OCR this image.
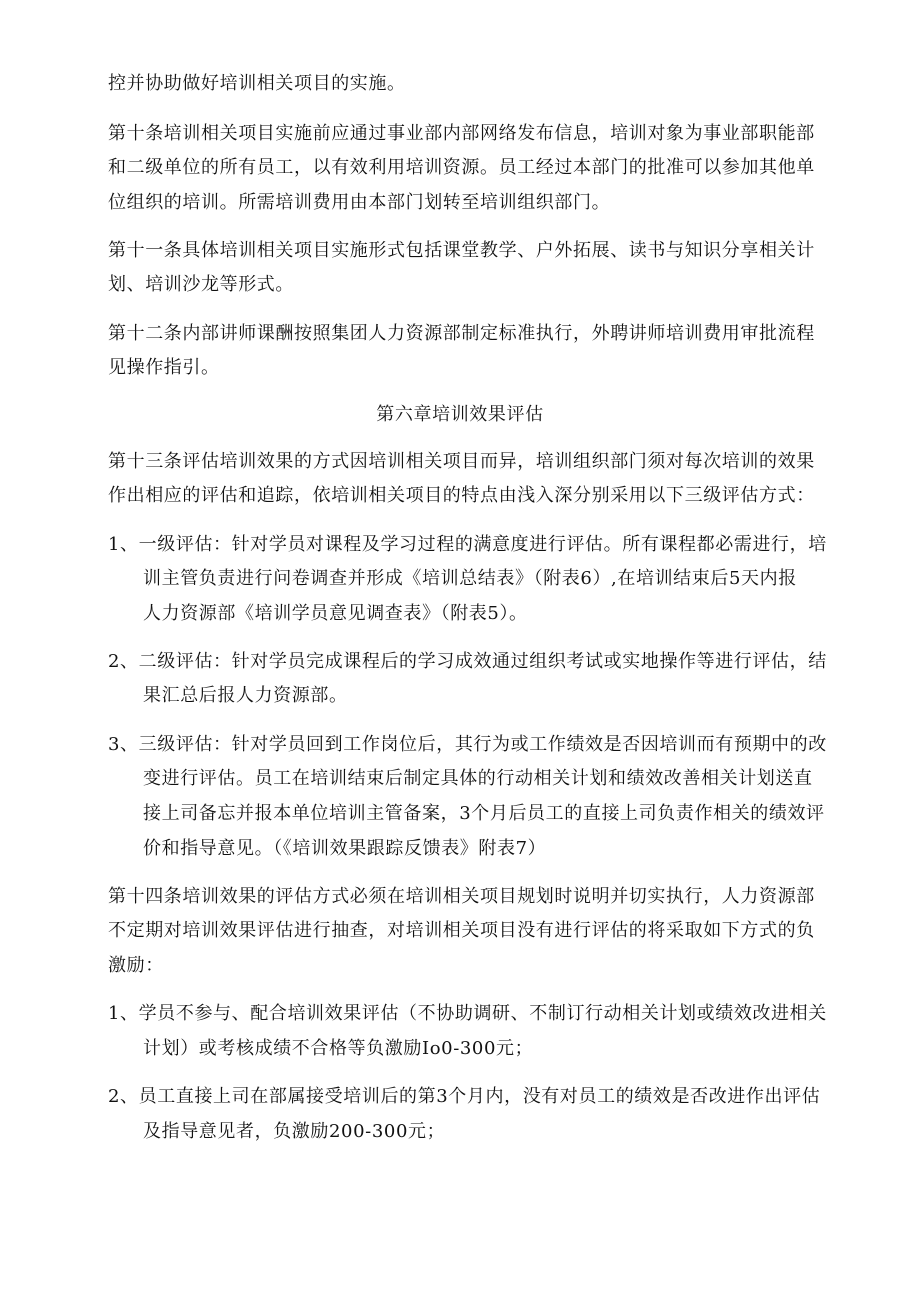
控并协助做好培训相关项目的实施。
第十条培训相关项目实施前应通过事业部内部网络发布信息，培训对象为事业部职能部
和二级单位的所有员工，以有效利用培训资源。员工经过本部门的批准可以参加其他单
位组织的培训。所需培训费用由本部门划转至培训组织部门。
第十一条具体培训相关项目实施形式包括课堂教学、户外拓展、读书与知识分享相关计
划、培训沙龙等形式。
第十二条内部讲师课酬按照集团人力资源部制定标准执行，外聘讲师培训费用审批流程
见操作指引。
第六章培训效果评估
第十三条评估培训效果的方式因培训相关项目而异，培训组织部门须对每次培训的效果
作出相应的评估和追踪，依培训相关项目的特点由浅入深分别采用以下三级评估方式：
1、一级评估：针对学员对课程及学习过程的满意度进行评估。所有课程都必需进行，培
训主管负责进行问卷调查并形成《培训总结表》（附表6）,在培训结束后5天内报
人力资源部《培训学员意见调查表》（附表5）。
2、二级评估：针对学员完成课程后的学习成效通过组织考试或实地操作等进行评估，结
果汇总后报人力资源部。
3、三级评估：针对学员回到工作岗位后，其行为或工作绩效是否因培训而有预期中的改
变进行评估。员工在培训结束后制定具体的行动相关计划和绩效改善相关计划送直
接上司备忘并报本单位培训主管备案，3个月后员工的直接上司负责作相关的绩效评
价和指导意见。（《培训效果跟踪反馈表》附表7）
第十四条培训效果的评估方式必须在培训相关项目规划时说明并切实执行，人力资源部
不定期对培训效果评估进行抽查，对培训相关项目没有进行评估的将采取如下方式的负
激励：
1、学员不参与、配合培训效果评估（不协助调研、不制订行动相关计划或绩效改进相关
计划）或考核成绩不合格等负激励Io0-300元；
2、员工直接上司在部属接受培训后的第3个月内，没有对员工的绩效是否改进作出评估
及指导意见者，负激励200-300元；
